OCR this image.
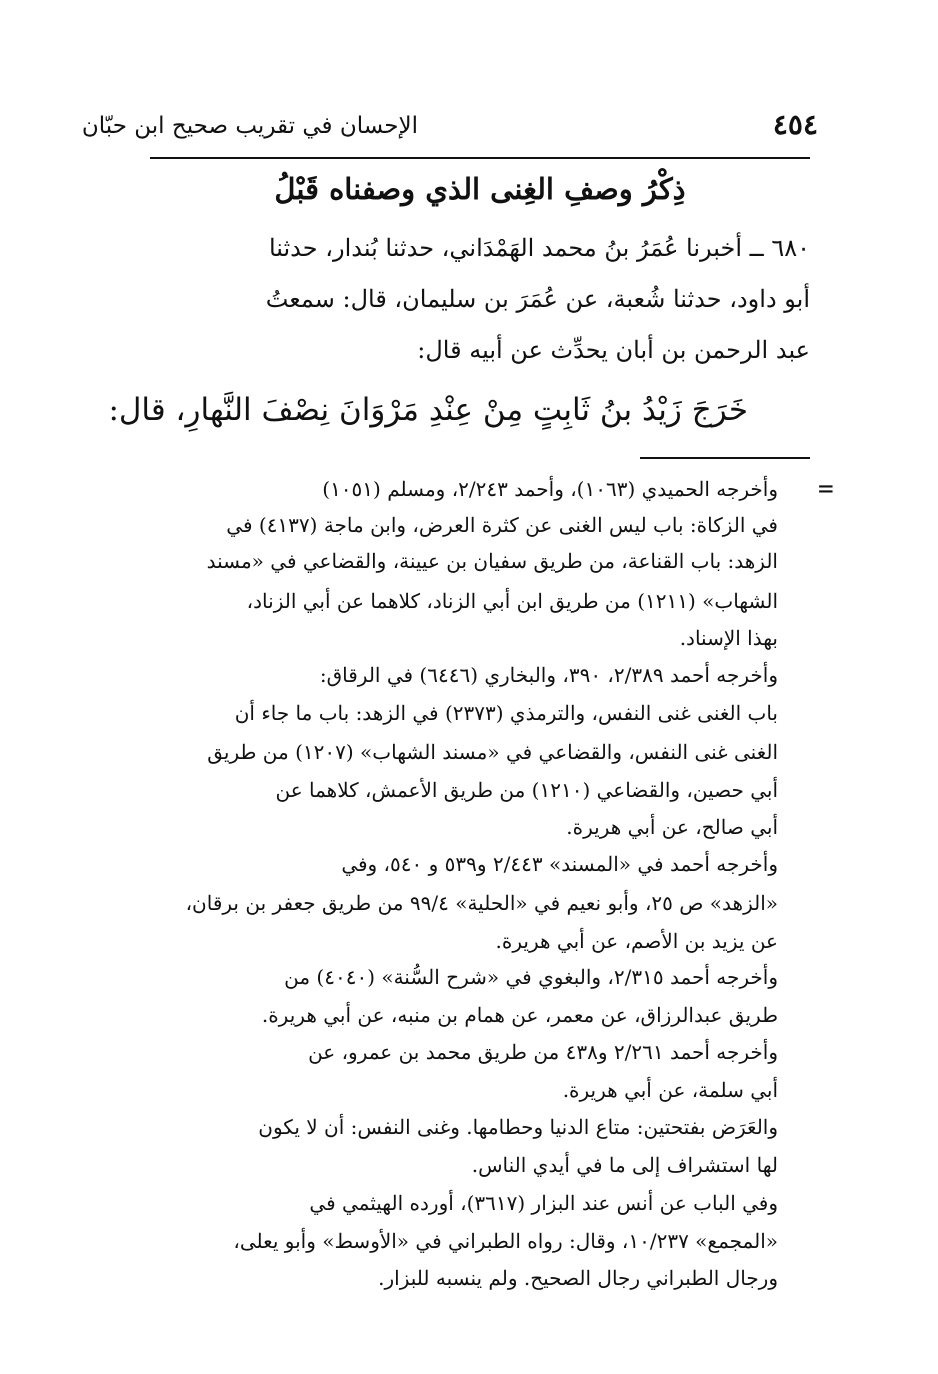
الإحسان في تقريب صحيح ابن حبّان	٤٥٤
ذِكْرُ وصفِ الغِنى الذي وصفناه قَبْلُ
٦٨٠ ــ أخبرنا عُمَرُ بنُ محمد الهَمْدَاني، حدثنا بُندار، حدثنا
أبو داود، حدثنا شُعبة، عن عُمَرَ بن سليمان، قال: سمعتُ
عبد الرحمن بن أبان يحدِّث عن أبيه قال:
خَرَجَ زَيْدُ بنُ ثَابِتٍ مِنْ عِنْدِ مَرْوَانَ نِصْفَ النَّهارِ، قال:
=
وأخرجه الحميدي (١٠٦٣)، وأحمد ٢/٢٤٣، ومسلم (١٠٥١)
في الزكاة: باب ليس الغنى عن كثرة العرض، وابن ماجة (٤١٣٧) في
الزهد: باب القناعة، من طريق سفيان بن عيينة، والقضاعي في «مسند
الشهاب» (١٢١١) من طريق ابن أبي الزناد، كلاهما عن أبي الزناد،
بهذا الإسناد.
وأخرجه أحمد ٢/٣٨٩، ٣٩٠، والبخاري (٦٤٤٦) في الرقاق:
باب الغنى غنى النفس، والترمذي (٢٣٧٣) في الزهد: باب ما جاء أن
الغنى غنى النفس، والقضاعي في «مسند الشهاب» (١٢٠٧) من طريق
أبي حصين، والقضاعي (١٢١٠) من طريق الأعمش، كلاهما عن
أبي صالح، عن أبي هريرة.
وأخرجه أحمد في «المسند» ٢/٤٤٣ و٥٣٩ و ٥٤٠، وفي
«الزهد» ص ٢٥، وأبو نعيم في «الحلية» ٩٩/٤ من طريق جعفر بن برقان،
عن يزيد بن الأصم، عن أبي هريرة.
وأخرجه أحمد ٢/٣١٥، والبغوي في «شرح السُّنة» (٤٠٤٠) من
طريق عبدالرزاق، عن معمر، عن همام بن منبه، عن أبي هريرة.
وأخرجه أحمد ٢/٢٦١ و٤٣٨ من طريق محمد بن عمرو، عن
أبي سلمة، عن أبي هريرة.
والعَرَض بفتحتين: متاع الدنيا وحطامها. وغنى النفس: أن لا يكون
لها استشراف إلى ما في أيدي الناس.
وفي الباب عن أنس عند البزار (٣٦١٧)، أورده الهيثمي في
«المجمع» ١٠/٢٣٧، وقال: رواه الطبراني في «الأوسط» وأبو يعلى،
ورجال الطبراني رجال الصحيح. ولم ينسبه للبزار.
